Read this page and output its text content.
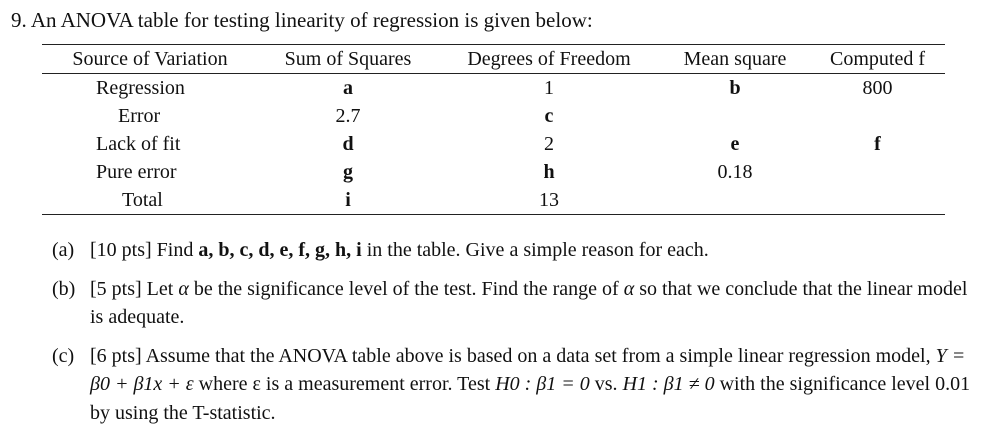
9. An ANOVA table for testing linearity of regression is given below:
Source of Variation	Sum of Squares	Degrees of Freedom	Mean square	Computed f
Regression	a	1	b	800
Error	2.7	c		
Lack of fit	d	2	e	f
Pure error	g	h	0.18	
Total	i	13		
(a) [10 pts] Find a, b, c, d, e, f, g, h, i in the table. Give a simple reason for each.
(b) [5 pts] Let α be the significance level of the test. Find the range of α so that we conclude that the linear model is adequate.
(c) [6 pts] Assume that the ANOVA table above is based on a data set from a simple linear regression model, Y = β0 + β1x + ε where ε is a measurement error. Test H0 : β1 = 0 vs. H1 : β1 ≠ 0 with the significance level 0.01 by using the T-statistic.
